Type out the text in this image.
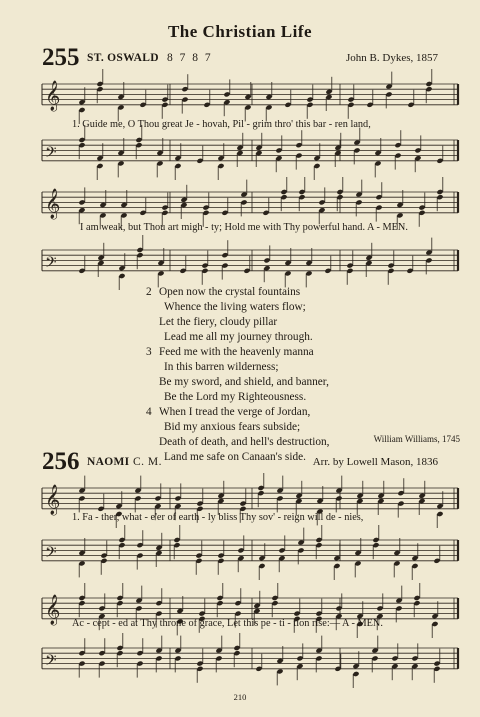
The Christian Life
255 ST. OSWALD 8 7 8 7	John B. Dykes, 1857
𝄞
1. Guide me, O Thou great Je - hovah, Pil - grim thro' this bar - ren land,
𝄢
𝄞
I am weak, but Thou art migh - ty; Hold me with Thy powerful hand. A - MEN.
𝄢
2 Open now the crystal fountains
Whence the living waters flow;
Let the fiery, cloudy pillar
Lead me all my journey through.
3 Feed me with the heavenly manna
In this barren wilderness;
Be my sword, and shield, and banner,
Be the Lord my Righteousness.
4 When I tread the verge of Jordan,
Bid my anxious fears subside;
Death of death, and hell's destruction,
Land me safe on Canaan's side.
William Williams, 1745
256 NAOMI C. M.	Arr. by Lowell Mason, 1836
𝄞
1. Fa - ther, what - e'er of earth - ly bliss Thy sov' - reign will de - nies,
𝄢
𝄞 Ac - cept - ed at Thy throne of grace, Let this pe - ti - tion rise:— A - MEN.
𝄢
210
